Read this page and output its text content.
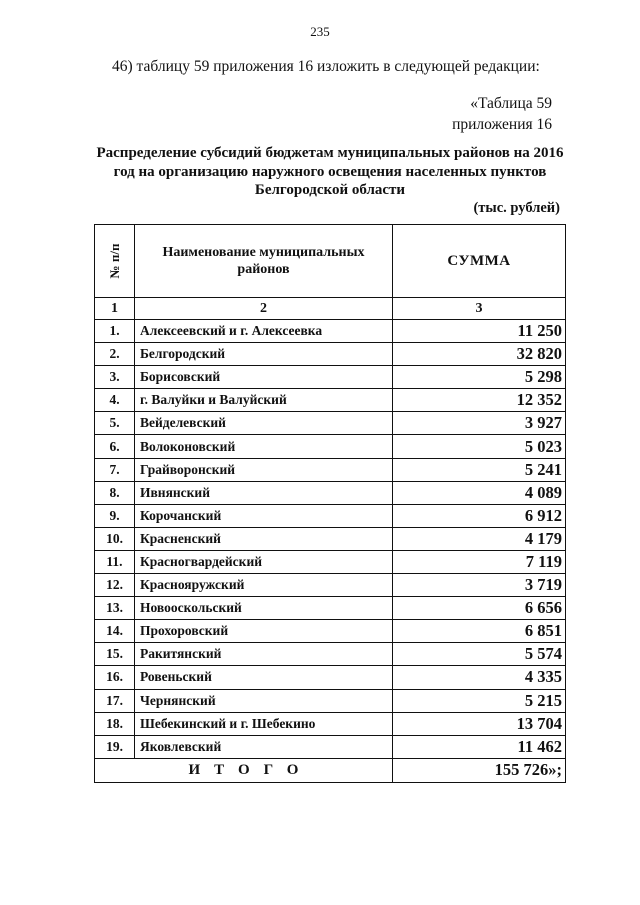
235
46) таблицу 59 приложения 16 изложить в следующей редакции:
«Таблица 59
приложения 16
Распределение субсидий бюджетам муниципальных районов на 2016 год на организацию наружного освещения населенных пунктов Белгородской области
(тыс. рублей)
№ п/п	Наименование муниципальных районов	СУММА
1	2	3
1.	Алексеевский и г. Алексеевка	11 250
2.	Белгородский	32 820
3.	Борисовский	5 298
4.	г. Валуйки и Валуйский	12 352
5.	Вейделевский	3 927
6.	Волоконовский	5 023
7.	Грайворонский	5 241
8.	Ивнянский	4 089
9.	Корочанский	6 912
10.	Красненский	4 179
11.	Красногвардейский	7 119
12.	Краснояружский	3 719
13.	Новооскольский	6 656
14.	Прохоровский	6 851
15.	Ракитянский	5 574
16.	Ровеньский	4 335
17.	Чернянский	5 215
18.	Шебекинский и г. Шебекино	13 704
19.	Яковлевский	11 462
ИТОГО		155 726»;
